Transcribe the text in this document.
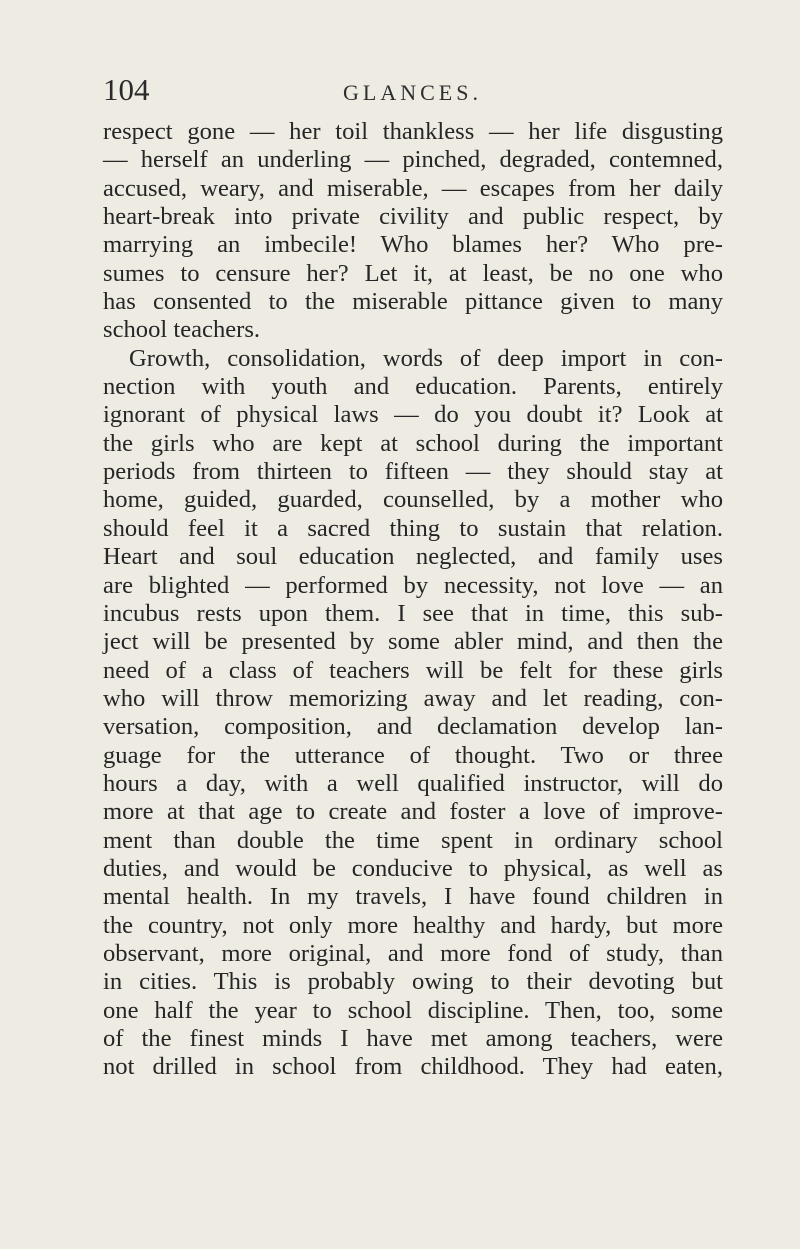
104	GLANCES.
respect gone — her toil thankless — her life disgusting
— herself an underling — pinched, degraded, contemned,
accused, weary, and miserable, — escapes from her daily
heart-break into private civility and public respect, by
marrying an imbecile! Who blames her? Who pre-
sumes to censure her? Let it, at least, be no one who
has consented to the miserable pittance given to many
school teachers.
Growth, consolidation, words of deep import in con-
nection with youth and education. Parents, entirely
ignorant of physical laws — do you doubt it? Look at
the girls who are kept at school during the important
periods from thirteen to fifteen — they should stay at
home, guided, guarded, counselled, by a mother who
should feel it a sacred thing to sustain that relation.
Heart and soul education neglected, and family uses
are blighted — performed by necessity, not love — an
incubus rests upon them. I see that in time, this sub-
ject will be presented by some abler mind, and then the
need of a class of teachers will be felt for these girls
who will throw memorizing away and let reading, con-
versation, composition, and declamation develop lan-
guage for the utterance of thought. Two or three
hours a day, with a well qualified instructor, will do
more at that age to create and foster a love of improve-
ment than double the time spent in ordinary school
duties, and would be conducive to physical, as well as
mental health. In my travels, I have found children in
the country, not only more healthy and hardy, but more
observant, more original, and more fond of study, than
in cities. This is probably owing to their devoting but
one half the year to school discipline. Then, too, some
of the finest minds I have met among teachers, were
not drilled in school from childhood. They had eaten,
